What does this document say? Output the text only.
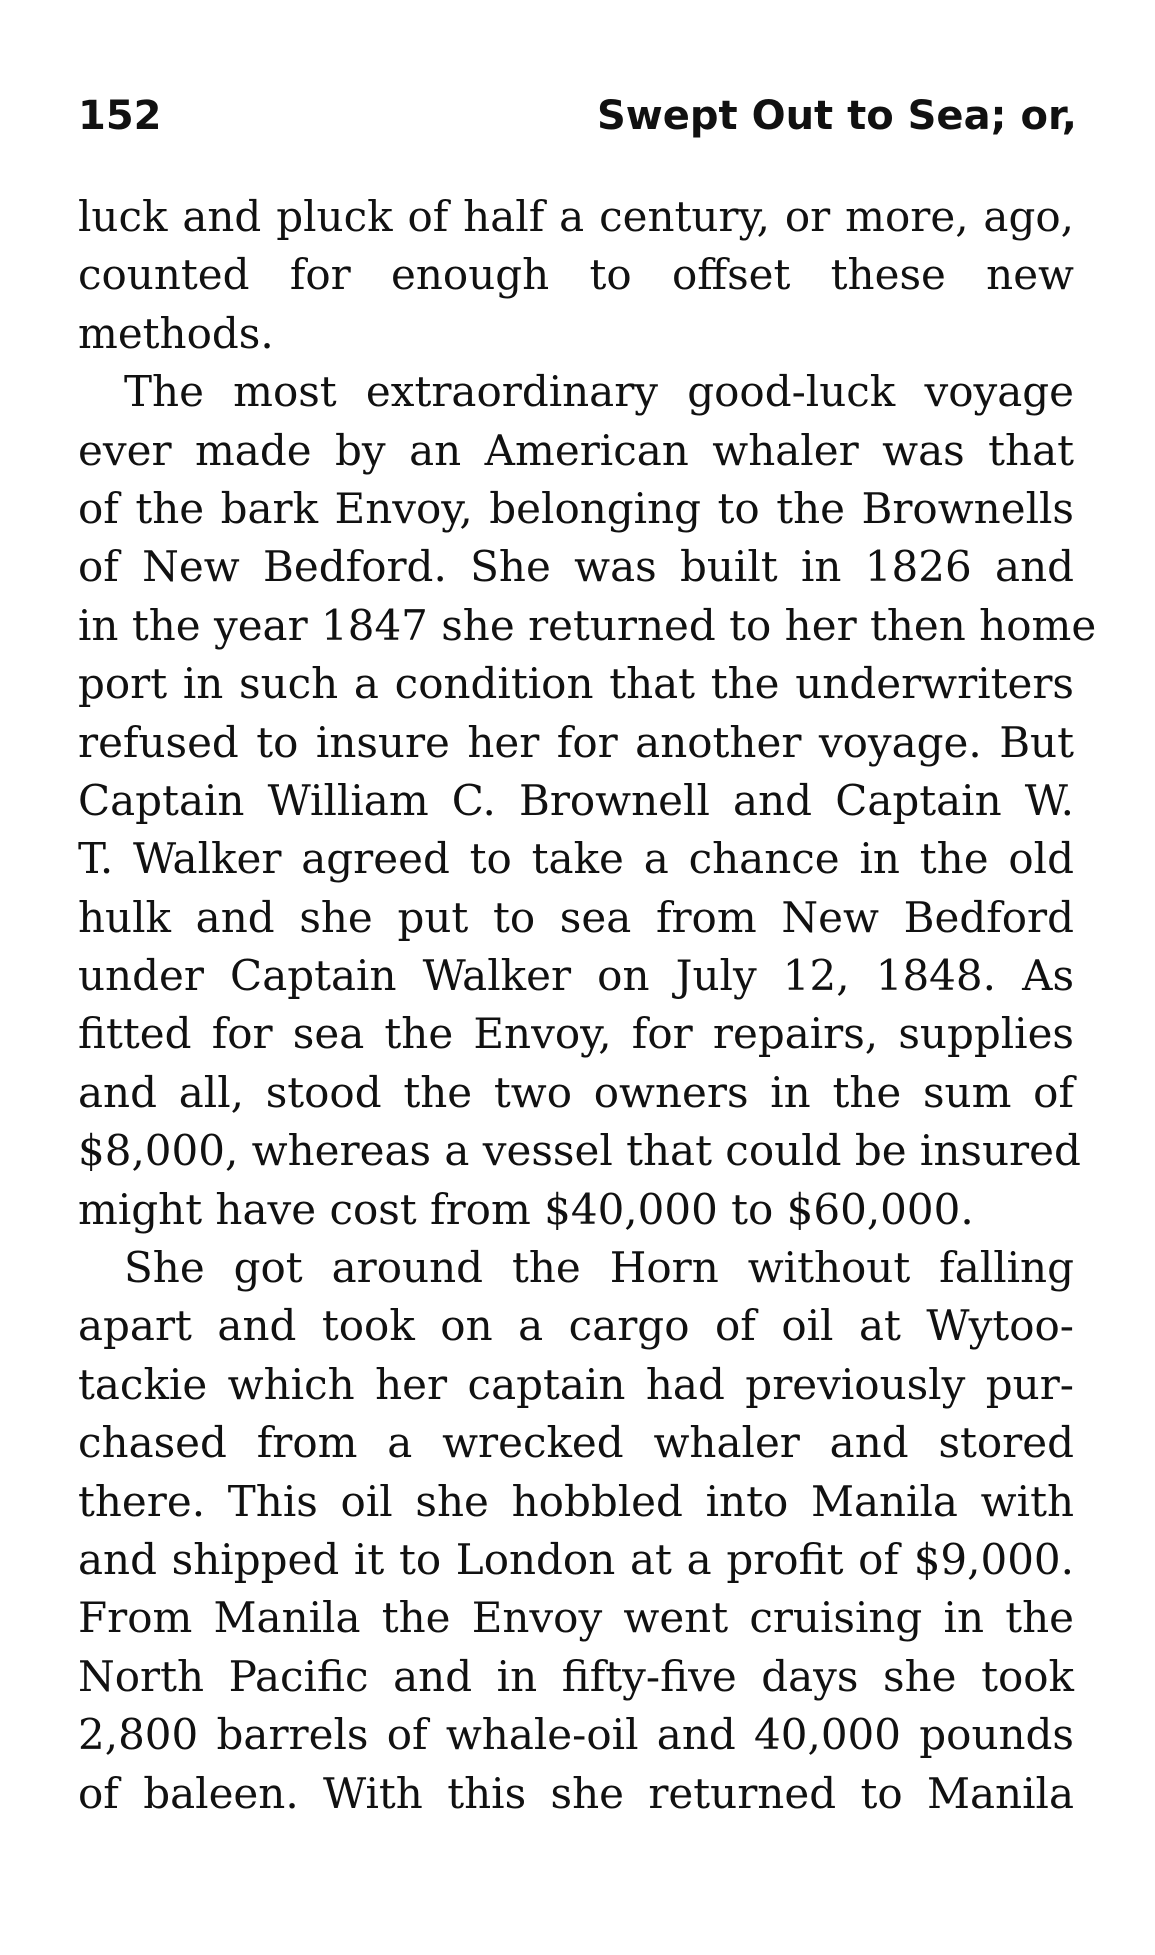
152	Swept Out to Sea; or,
luck and pluck of half a century, or more, ago,
counted for enough to offset these new
methods.
The most extraordinary good-luck voyage
ever made by an American whaler was that
of the bark Envoy, belonging to the Brownells
of New Bedford. She was built in 1826 and
in the year 1847 she returned to her then home
port in such a condition that the underwriters
refused to insure her for another voyage. But
Captain William C. Brownell and Captain W.
T. Walker agreed to take a chance in the old
hulk and she put to sea from New Bedford
under Captain Walker on July 12, 1848. As
fitted for sea the Envoy, for repairs, supplies
and all, stood the two owners in the sum of
$8,000, whereas a vessel that could be insured
might have cost from $40,000 to $60,000.
She got around the Horn without falling
apart and took on a cargo of oil at Wytoo-
tackie which her captain had previously pur-
chased from a wrecked whaler and stored
there. This oil she hobbled into Manila with
and shipped it to London at a profit of $9,000.
From Manila the Envoy went cruising in the
North Pacific and in fifty-five days she took
2,800 barrels of whale-oil and 40,000 pounds
of baleen. With this she returned to Manila
